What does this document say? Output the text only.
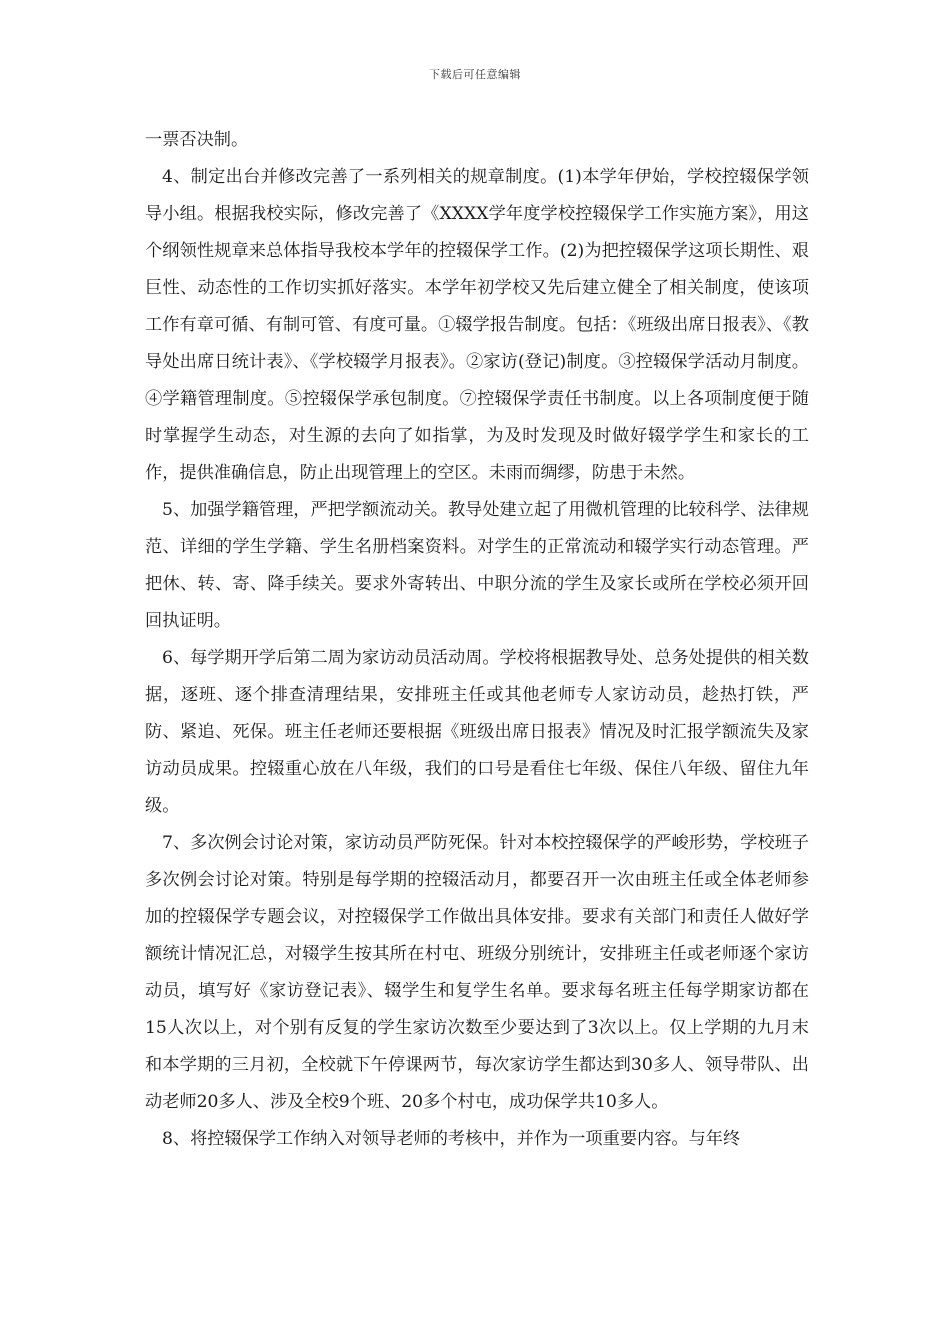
下载后可任意编辑

一票否决制。

4、制定出台并修改完善了一系列相关的规章制度。(1)本学年伊始，学校控辍保学领导小组。根据我校实际，修改完善了《XXXX学年度学校控辍保学工作实施方案》，用这个纲领性规章来总体指导我校本学年的控辍保学工作。(2)为把控辍保学这项长期性、艰巨性、动态性的工作切实抓好落实。本学年初学校又先后建立健全了相关制度，使该项工作有章可循、有制可管、有度可量。①辍学报告制度。包括：《班级出席日报表》、《教导处出席日统计表》、《学校辍学月报表》。②家访(登记)制度。③控辍保学活动月制度。④学籍管理制度。⑤控辍保学承包制度。⑦控辍保学责任书制度。以上各项制度便于随时掌握学生动态，对生源的去向了如指掌，为及时发现及时做好辍学学生和家长的工作，提供准确信息，防止出现管理上的空区。未雨而绸缪，防患于未然。

5、加强学籍管理，严把学额流动关。教导处建立起了用微机管理的比较科学、法律规范、详细的学生学籍、学生名册档案资料。对学生的正常流动和辍学实行动态管理。严把休、转、寄、降手续关。要求外寄转出、中职分流的学生及家长或所在学校必须开回回执证明。

6、每学期开学后第二周为家访动员活动周。学校将根据教导处、总务处提供的相关数据，逐班、逐个排查清理结果，安排班主任或其他老师专人家访动员，趁热打铁，严防、紧追、死保。班主任老师还要根据《班级出席日报表》情况及时汇报学额流失及家访动员成果。控辍重心放在八年级，我们的口号是看住七年级、保住八年级、留住九年级。

7、多次例会讨论对策，家访动员严防死保。针对本校控辍保学的严峻形势，学校班子多次例会讨论对策。特别是每学期的控辍活动月，都要召开一次由班主任或全体老师参加的控辍保学专题会议，对控辍保学工作做出具体安排。要求有关部门和责任人做好学额统计情况汇总，对辍学生按其所在村屯、班级分别统计，安排班主任或老师逐个家访动员，填写好《家访登记表》、辍学生和复学生名单。要求每名班主任每学期家访都在15人次以上，对个别有反复的学生家访次数至少要达到了3次以上。仅上学期的九月末和本学期的三月初，全校就下午停课两节，每次家访学生都达到30多人、领导带队、出动老师20多人、涉及全校9个班、20多个村屯，成功保学共10多人。

8、将控辍保学工作纳入对领导老师的考核中，并作为一项重要内容。与年终
